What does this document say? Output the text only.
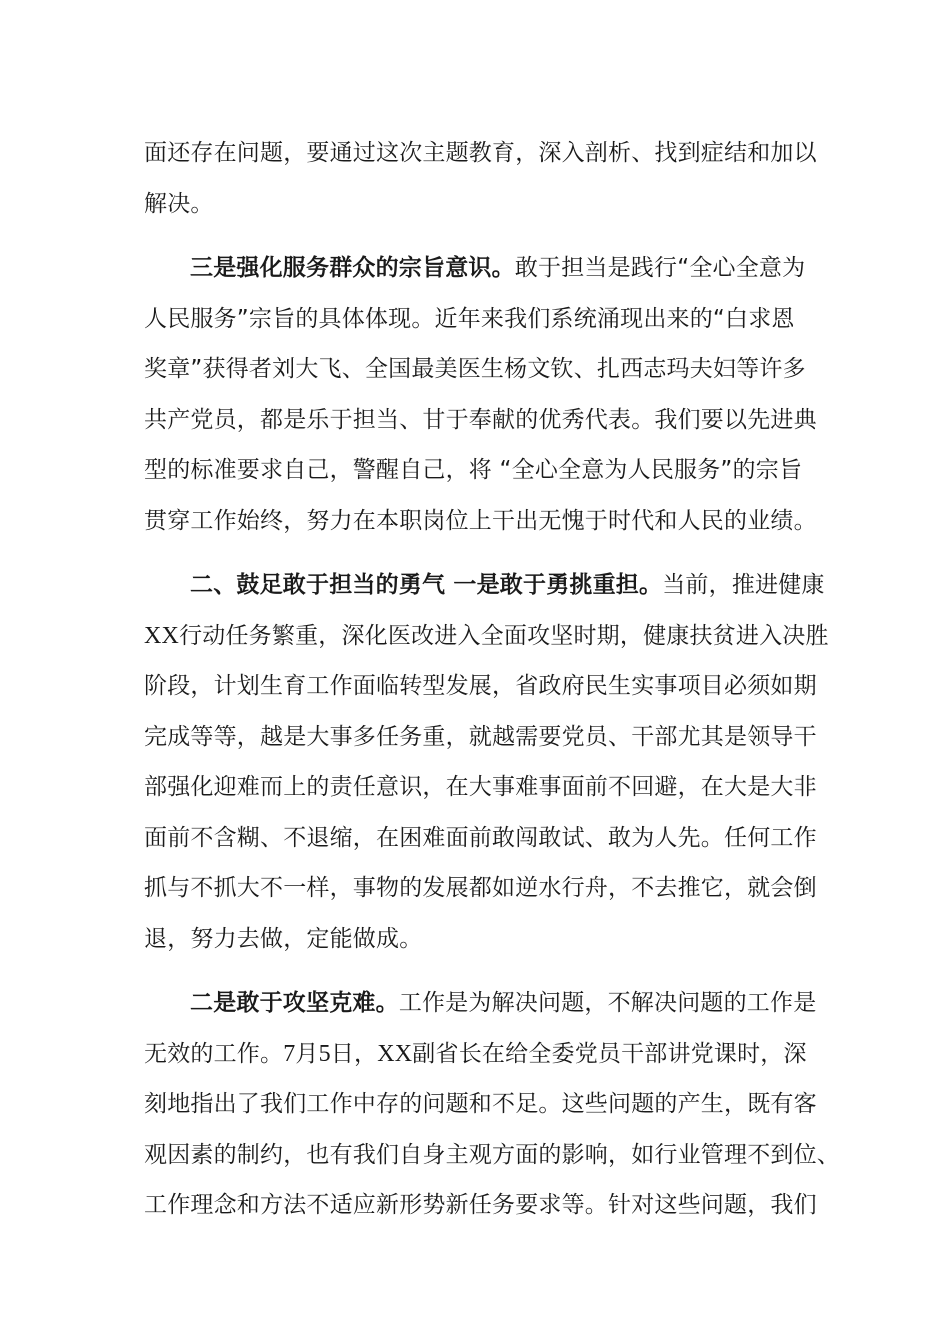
面还存在问题，要通过这次主题教育，深入剖析、找到症结和加以
解决。
三是强化服务群众的宗旨意识。敢于担当是践行“全心全意为
人民服务”宗旨的具体体现。近年来我们系统涌现出来的“白求恩
奖章”获得者刘大飞、全国最美医生杨文钦、扎西志玛夫妇等许多
共产党员，都是乐于担当、甘于奉献的优秀代表。我们要以先进典
型的标准要求自己，警醒自己，将 “全心全意为人民服务”的宗旨
贯穿工作始终，努力在本职岗位上干出无愧于时代和人民的业绩。
二、鼓足敢于担当的勇气 一是敢于勇挑重担。当前，推进健康
XX行动任务繁重，深化医改进入全面攻坚时期，健康扶贫进入决胜
阶段，计划生育工作面临转型发展，省政府民生实事项目必须如期
完成等等，越是大事多任务重，就越需要党员、干部尤其是领导干
部强化迎难而上的责任意识，在大事难事面前不回避，在大是大非
面前不含糊、不退缩，在困难面前敢闯敢试、敢为人先。任何工作
抓与不抓大不一样，事物的发展都如逆水行舟，不去推它，就会倒
退，努力去做，定能做成。
二是敢于攻坚克难。工作是为解决问题，不解决问题的工作是
无效的工作。7月5日，XX副省长在给全委党员干部讲党课时，深
刻地指出了我们工作中存的问题和不足。这些问题的产生，既有客
观因素的制约，也有我们自身主观方面的影响，如行业管理不到位、
工作理念和方法不适应新形势新任务要求等。针对这些问题，我们
